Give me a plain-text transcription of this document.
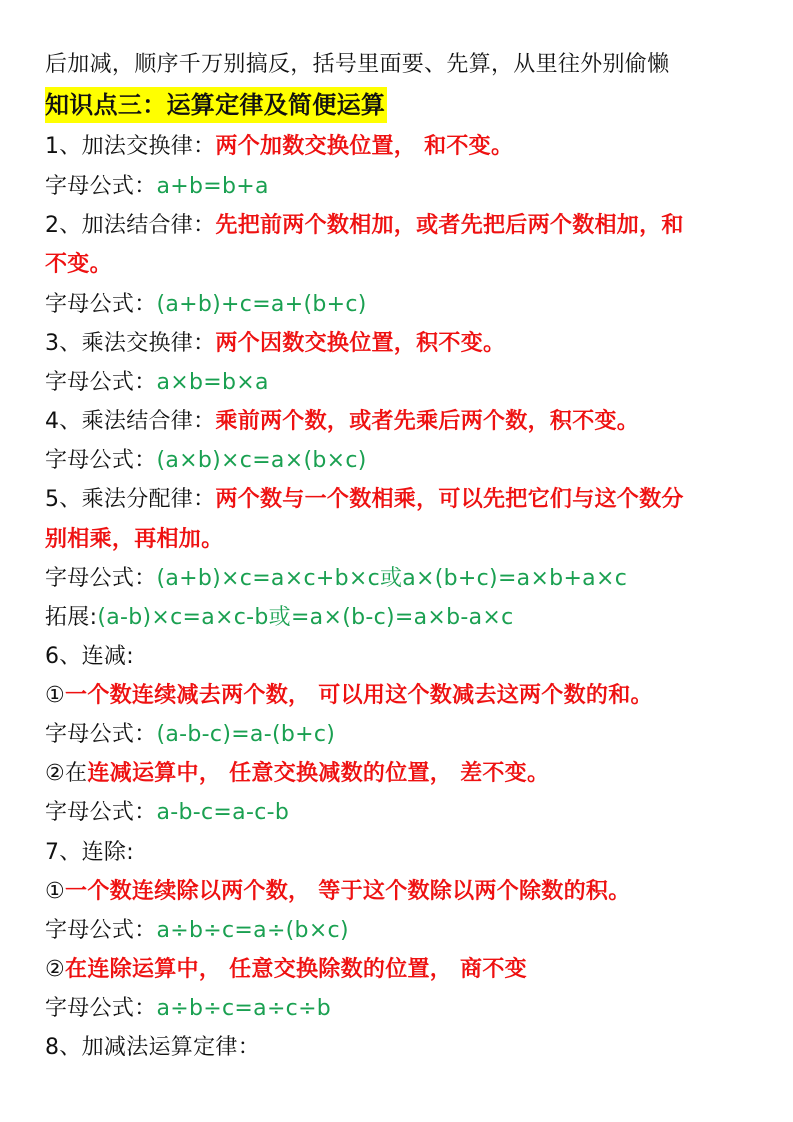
后加减，顺序千万别搞反，括号里面要、先算，从里往外别偷懒
知识点三：运算定律及简便运算
1、加法交换律：两个加数交换位置， 和不变。
字母公式：a+b=b+a
2、加法结合律：先把前两个数相加，或者先把后两个数相加，和
不变。
字母公式：(a+b)+c=a+(b+c)
3、乘法交换律：两个因数交换位置，积不变。
字母公式：a×b=b×a
4、乘法结合律：乘前两个数，或者先乘后两个数，积不变。
字母公式：(a×b)×c=a×(b×c)
5、乘法分配律：两个数与一个数相乘，可以先把它们与这个数分
别相乘，再相加。
字母公式：(a+b)×c=a×c+b×c或a×(b+c)=a×b+a×c
拓展:(a-b)×c=a×c-b或=a×(b-c)=a×b-a×c
6、连减:
①一个数连续减去两个数， 可以用这个数减去这两个数的和。
字母公式：(a-b-c)=a-(b+c)
②在连减运算中， 任意交换减数的位置， 差不变。
字母公式：a-b-c=a-c-b
7、连除:
①一个数连续除以两个数， 等于这个数除以两个除数的积。
字母公式：a÷b÷c=a÷(b×c)
②在连除运算中， 任意交换除数的位置， 商不变
字母公式：a÷b÷c=a÷c÷b
8、加减法运算定律：
